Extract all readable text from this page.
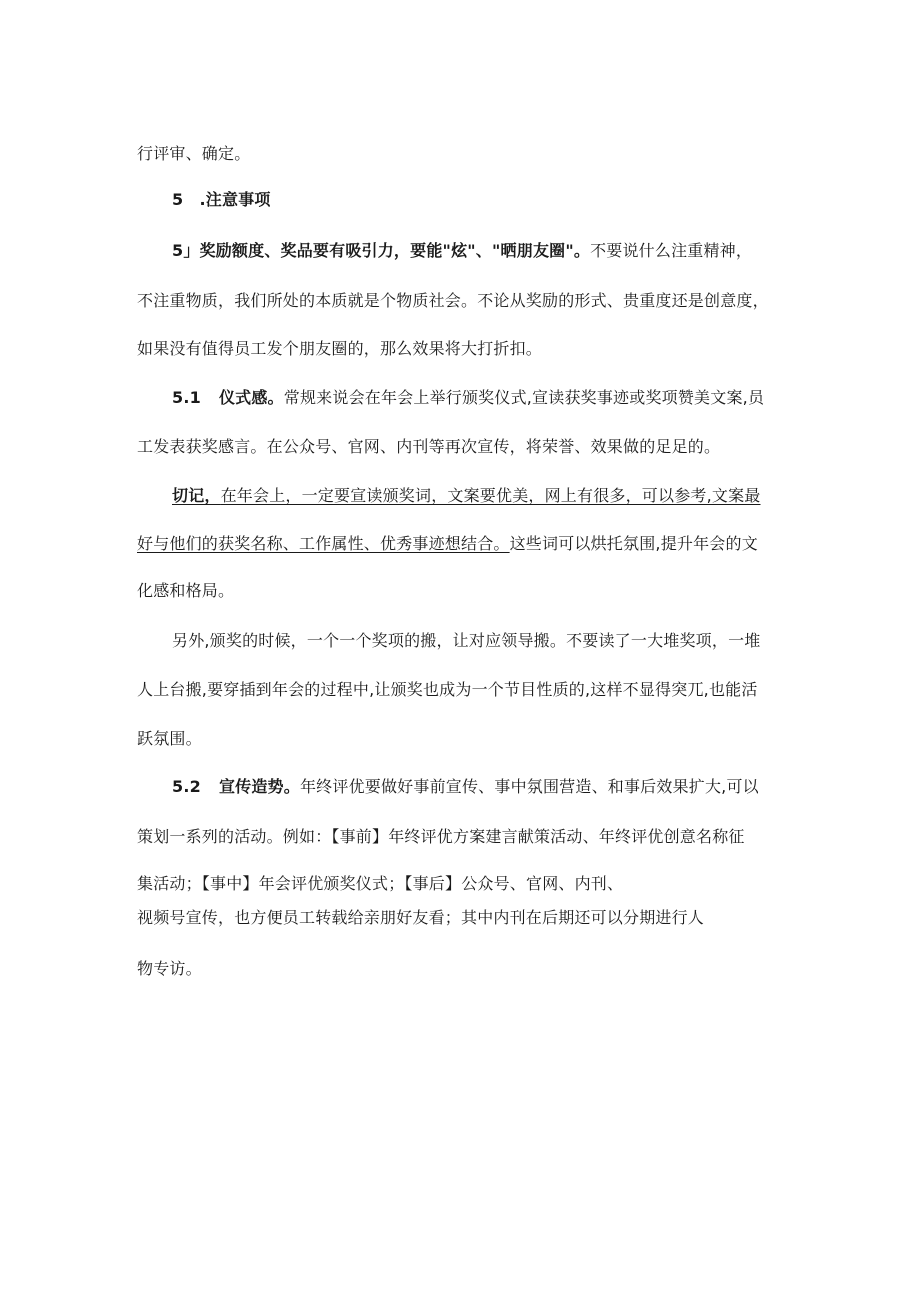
行评审、确定。
5　.注意事项
5」奖励额度、奖品要有吸引力，要能"炫"、"晒朋友圈"。不要说什么注重精神，
不注重物质，我们所处的本质就是个物质社会。不论从奖励的形式、贵重度还是创意度，
如果没有值得员工发个朋友圈的，那么效果将大打折扣。
5.1 仪式感。常规来说会在年会上举行颁奖仪式,宣读获奖事迹或奖项赞美文案,员
工发表获奖感言。在公众号、官网、内刊等再次宣传，将荣誉、效果做的足足的。
切记，在年会上，一定要宣读颁奖词，文案要优美，网上有很多，可以参考,文案最
好与他们的获奖名称、工作属性、优秀事迹想结合。这些词可以烘托氛围,提升年会的文
化感和格局。
另外,颁奖的时候，一个一个奖项的搬，让对应领导搬。不要读了一大堆奖项，一堆
人上台搬,要穿插到年会的过程中,让颁奖也成为一个节目性质的,这样不显得突兀,也能活
跃氛围。
5.2 宣传造势。年终评优要做好事前宣传、事中氛围营造、和事后效果扩大,可以
策划一系列的活动。例如：【事前】年终评优方案建言献策活动、年终评优创意名称征
集活动；【事中】年会评优颁奖仪式；【事后】公众号、官网、内刊、
视频号宣传，也方便员工转载给亲朋好友看；其中内刊在后期还可以分期进行人
物专访。
